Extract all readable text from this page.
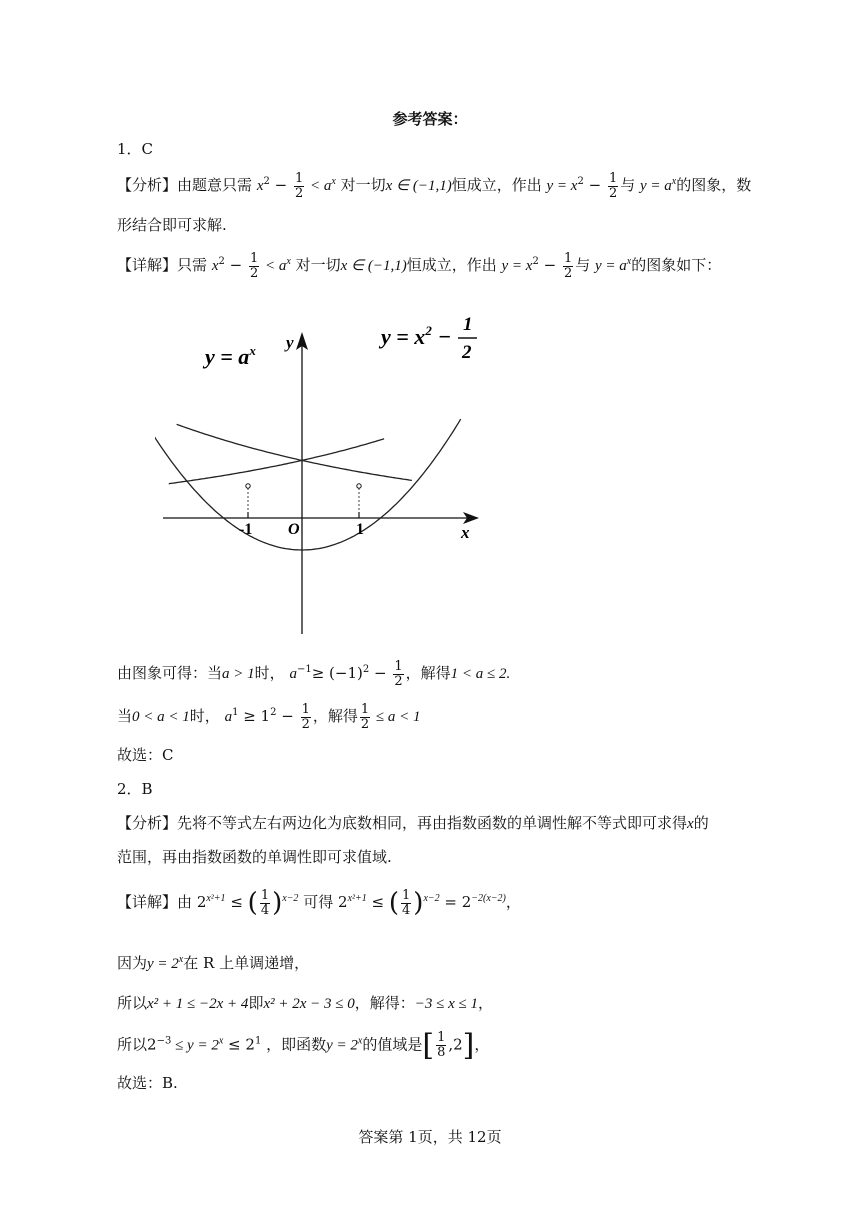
参考答案：
1．C
【分析】由题意只需 $x^2 - \frac{1}{2} < a^x$ 对一切x ∈ (−1,1)恒成立，作出 $y = x^2 - \frac{1}{2}$ 与 $y = a^x$的图象，数
形结合即可求解.
【详解】只需 $x^2 - \frac{1}{2} < a^x$ 对一切x ∈ (−1,1)恒成立，作出 $y = x^2 - \frac{1}{2}$ 与 $y = a^x$的图象如下：
$y = a^x$
$y = x^2 - 1$
2
y
x
-1 O	1
由图象可得：当a > 1时， $a^{-1}\ge (-1)^2 - \frac{1}{2}$ ，解得1 < a ≤ 2.
当0 < a < 1时， $a^1 \ge 1^2 - \frac{1}{2}$ ，解得 $\frac{1}{2} \le a < 1$
故选：C
2．B
【分析】先将不等式左右两边化为底数相同，再由指数函数的单调性解不等式即可求得x的
范围，再由指数函数的单调性即可求值域.
【详解】由 $2^{x^2+1}$ ≤ ( $\frac{1}{4} )^{x-2}$ 可得 $2^{x^2+1}$ ≤ ( $\frac{1}{4} )^{x-2} = 2^{-2(x-2)}$，
因为$y = 2^x$在 R 上单调递增，
所以x² + 1 ≤ −2x + 4即x² + 2x − 3 ≤ 0，解得：−3 ≤ x ≤ 1，
所以$2^{-3} \le y = 2^x \le 2^1$ ，即函数$y = 2^x$的值域是[ $\frac{1}{8} ,2$]，
故选：B.
答案第 1页，共 12页
